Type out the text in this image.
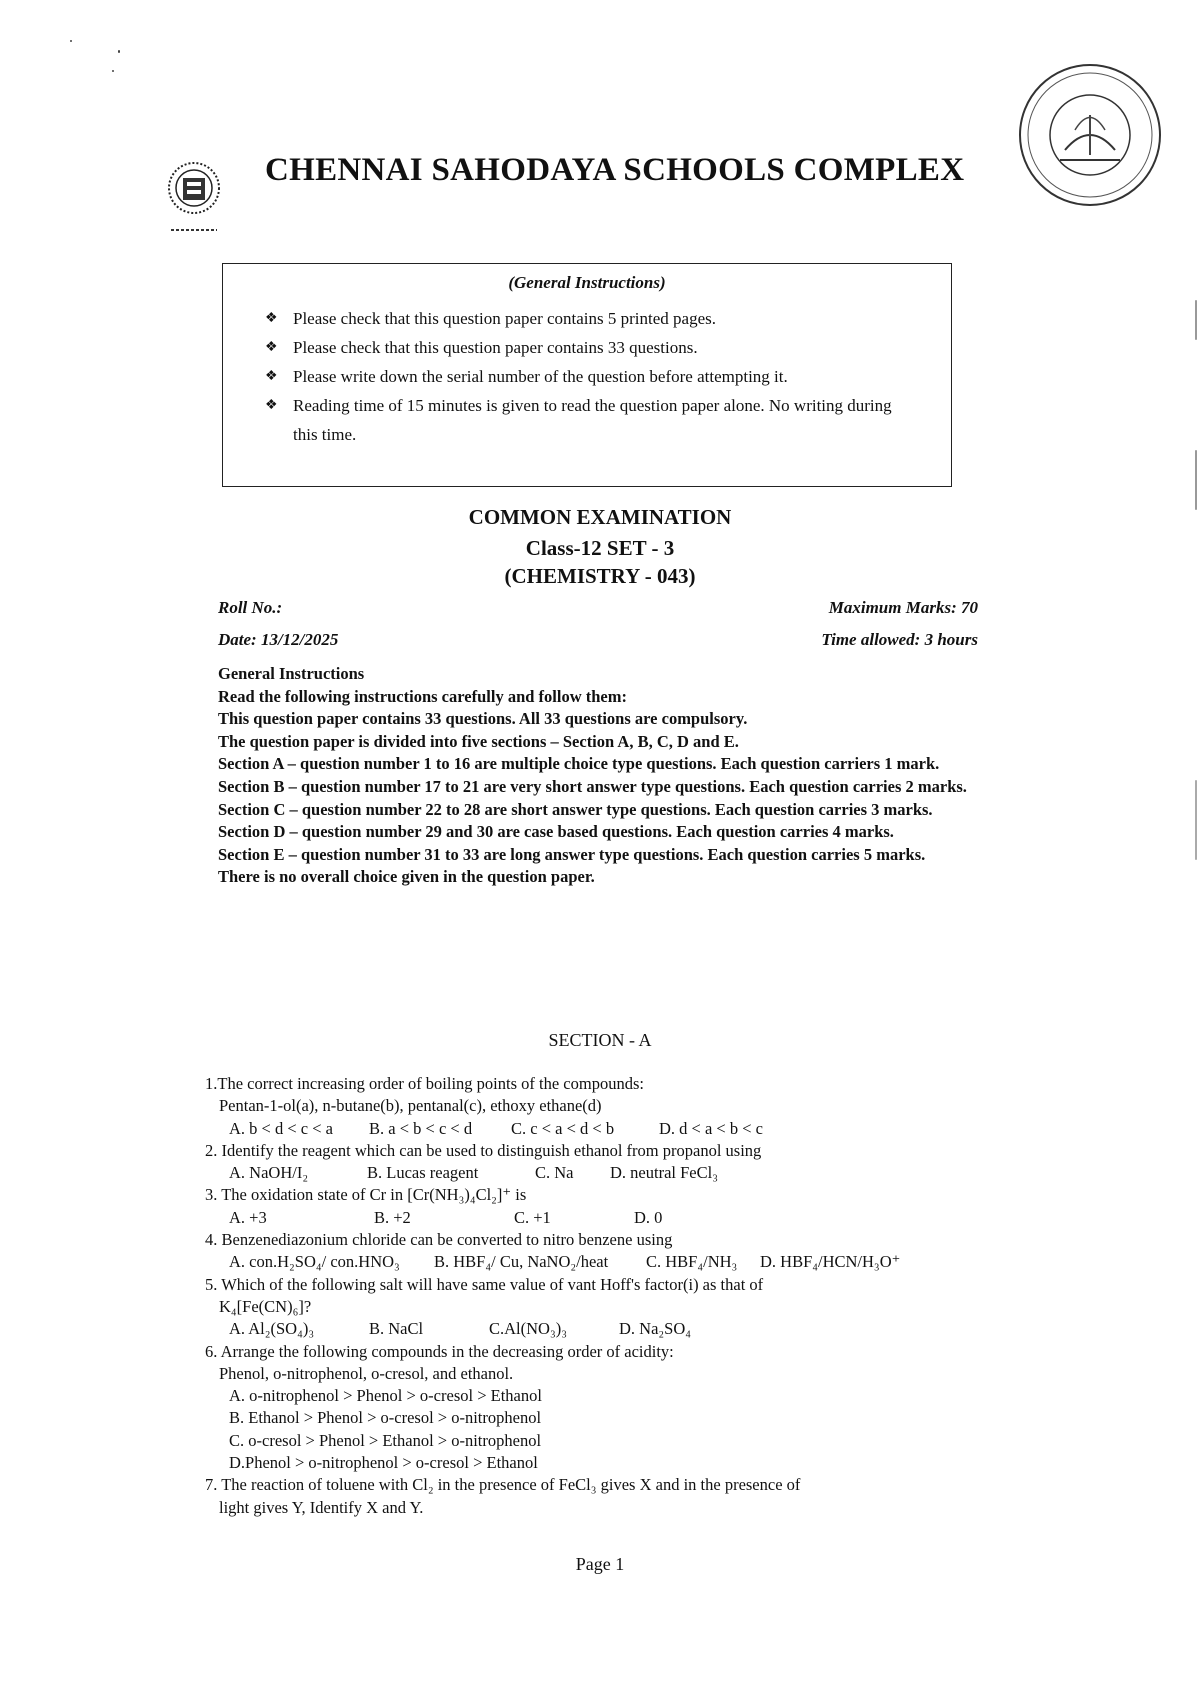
CHENNAI SAHODAYA SCHOOLS COMPLEX
(General Instructions)
❖ Please check that this question paper contains 5 printed pages.
❖ Please check that this question paper contains 33 questions.
❖ Please write down the serial number of the question before attempting it.
❖ Reading time of 15 minutes is given to read the question paper alone. No writing during this time.
COMMON EXAMINATION
Class-12 SET - 3
(CHEMISTRY - 043)
Roll No.:	Maximum Marks: 70
Date: 13/12/2025	Time allowed: 3 hours
General Instructions
Read the following instructions carefully and follow them:
This question paper contains 33 questions. All 33 questions are compulsory.
The question paper is divided into five sections – Section A, B, C, D and E.
Section A – question number 1 to 16 are multiple choice type questions. Each question carriers 1 mark.
Section B – question number 17 to 21 are very short answer type questions. Each question carries 2 marks.
Section C – question number 22 to 28 are short answer type questions. Each question carries 3 marks.
Section D – question number 29 and 30 are case based questions. Each question carries 4 marks.
Section E – question number 31 to 33 are long answer type questions. Each question carries 5 marks.
There is no overall choice given in the question paper.
SECTION - A
1.The correct increasing order of boiling points of the compounds:
Pentan-1-ol(a), n-butane(b), pentanal(c), ethoxy ethane(d)
A. b < d < c < a B. a < b < c < d C. c < a < d < b	D. d < a < b < c
2. Identify the reagent which can be used to distinguish ethanol from propanol using
A. NaOH/I₂	B. Lucas reagent	C. Na D. neutral FeCl₃
3. The oxidation state of Cr in [Cr(NH₃)₄Cl₂]⁺ is
A. +3	B. +2	C. +1	D. 0
4. Benzenediazonium chloride can be converted to nitro benzene using
A. con.H₂SO₄/ con.HNO₃ B. HBF₄/ Cu, NaNO₂/heat C. HBF₄/NH₃ D. HBF₄/HCN/H₃O⁺
5. Which of the following salt will have same value of vant Hoff's factor(i) as that of
K₄[Fe(CN)₆]?
A. Al₂(SO₄)₃	B. NaCl	C.Al(NO₃)₃	D. Na₂SO₄
6. Arrange the following compounds in the decreasing order of acidity:
Phenol, o-nitrophenol, o-cresol, and ethanol.
A. o-nitrophenol > Phenol > o-cresol > Ethanol
B. Ethanol > Phenol > o-cresol > o-nitrophenol
C. o-cresol > Phenol > Ethanol > o-nitrophenol
D.Phenol > o-nitrophenol > o-cresol > Ethanol
7. The reaction of toluene with Cl₂ in the presence of FeCl₃ gives X and in the presence of
light gives Y, Identify X and Y.
Page 1
